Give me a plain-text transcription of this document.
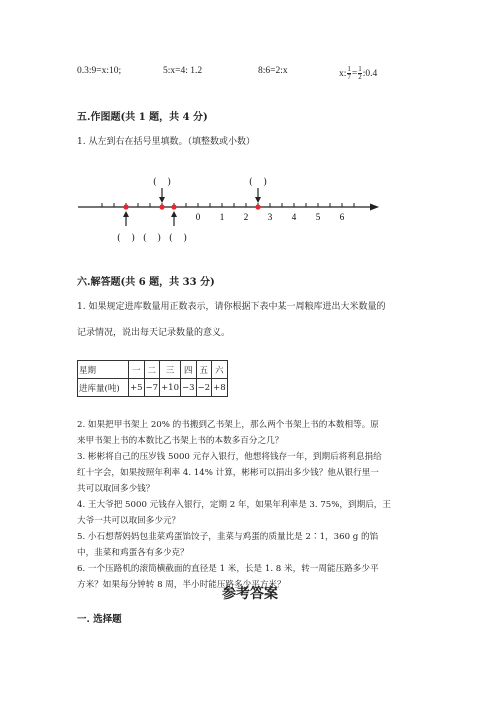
0.3:9=x:10;	5:x=4: 1.2	8:6=2:x	x: $\frac{1}{7} = \frac{1}{2}$ :0.4
五.作图题(共 1 题，共 4 分)
1. 从左到右在括号里填数。（填整数或小数）
0 1 2 3 4 5 6
(     )	(     )
(     ) (     ) (     )
六.解答题(共 6 题，共 33 分)
1. 如果规定进库数量用正数表示，请你根据下表中某一周粮库进出大米数量的
记录情况，说出每天记录数量的意义。
星期	一	二	三	四	五	六
进库量(吨)	+5	−7	+10	−3	−2	+8
2. 如果把甲书架上 20% 的书搬到乙书架上，那么两个书架上书的本数相等。原
来甲书架上书的本数比乙书架上书的本数多百分之几？
3. 彬彬将自己的压岁钱 5000 元存入银行，他想将钱存一年，到期后将利息捐给
红十字会，如果按照年利率 4. 14% 计算，彬彬可以捐出多少钱？他从银行里一
共可以取回多少钱？
4. 王大爷把 5000 元钱存入银行，定期 2 年，如果年利率是 3. 75%，到期后，王
大爷一共可以取回多少元？
5. 小石想帮妈妈包韭菜鸡蛋馅饺子，韭菜与鸡蛋的质量比是 2∶1，360 g 的馅
中，韭菜和鸡蛋各有多少克？
6. 一个压路机的滚筒横截面的直径是 1 米，长是 1. 8 米，转一周能压路多少平
方米？如果每分钟转 8 周，半小时能压路多少平方米？
参考答案
一. 选择题
